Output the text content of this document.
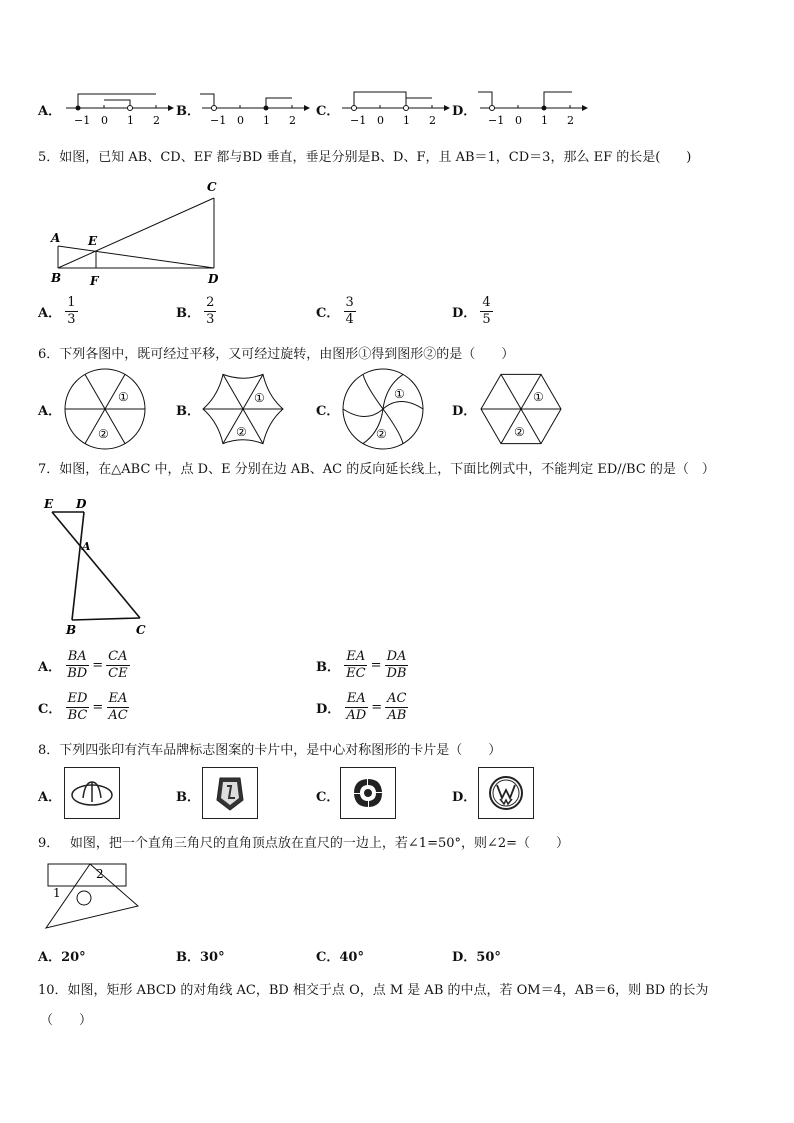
A．	B．	C．	D．
−1 0 1 2	−1 0 1 2	−1 0 1 2	−1 0 1 2
5．如图，已知 AB、CD、EF 都与BD 垂直，垂足分别是B、D、F，且 AB＝1，CD＝3，那么 EF 的长是(　　)
A
B
C
D
E
F
A． $\frac{1}{3}$	B． $\frac{2}{3}$	C． $\frac{3}{4}$	D． $\frac{4}{5}$
6．下列各图中，既可经过平移，又可经过旋转，由图形①得到图形②的是（　　）
A．	B．	C．	D．
①
②
①
②
①
②
①
②
7．如图，在△ABC 中，点 D、E 分别在边 AB、AC 的反向延长线上，下面比例式中，不能判定 ED//BC 的是（　）
E D
A
B	C
A． $\frac{BA}{BD} = \frac{CA}{CE}$	B． $\frac{EA}{EC} = \frac{DA}{DB}$
C． $\frac{ED}{BC} = \frac{EA}{AC}$	D． $\frac{EA}{AD} = \frac{AC}{AB}$
8．下列四张印有汽车品牌标志图案的卡片中，是中心对称图形的卡片是（　　）
A．	B．	C．	D．
9．　 如图，把一个直角三角尺的直角顶点放在直尺的一边上，若∠1=50°，则∠2=（　　）
1
2
A．20°	B．30°	C．40°	D．50°
10．如图，矩形 ABCD 的对角线 AC，BD 相交于点 O，点 M 是 AB 的中点，若 OM＝4，AB＝6，则 BD 的长为
（　　）
